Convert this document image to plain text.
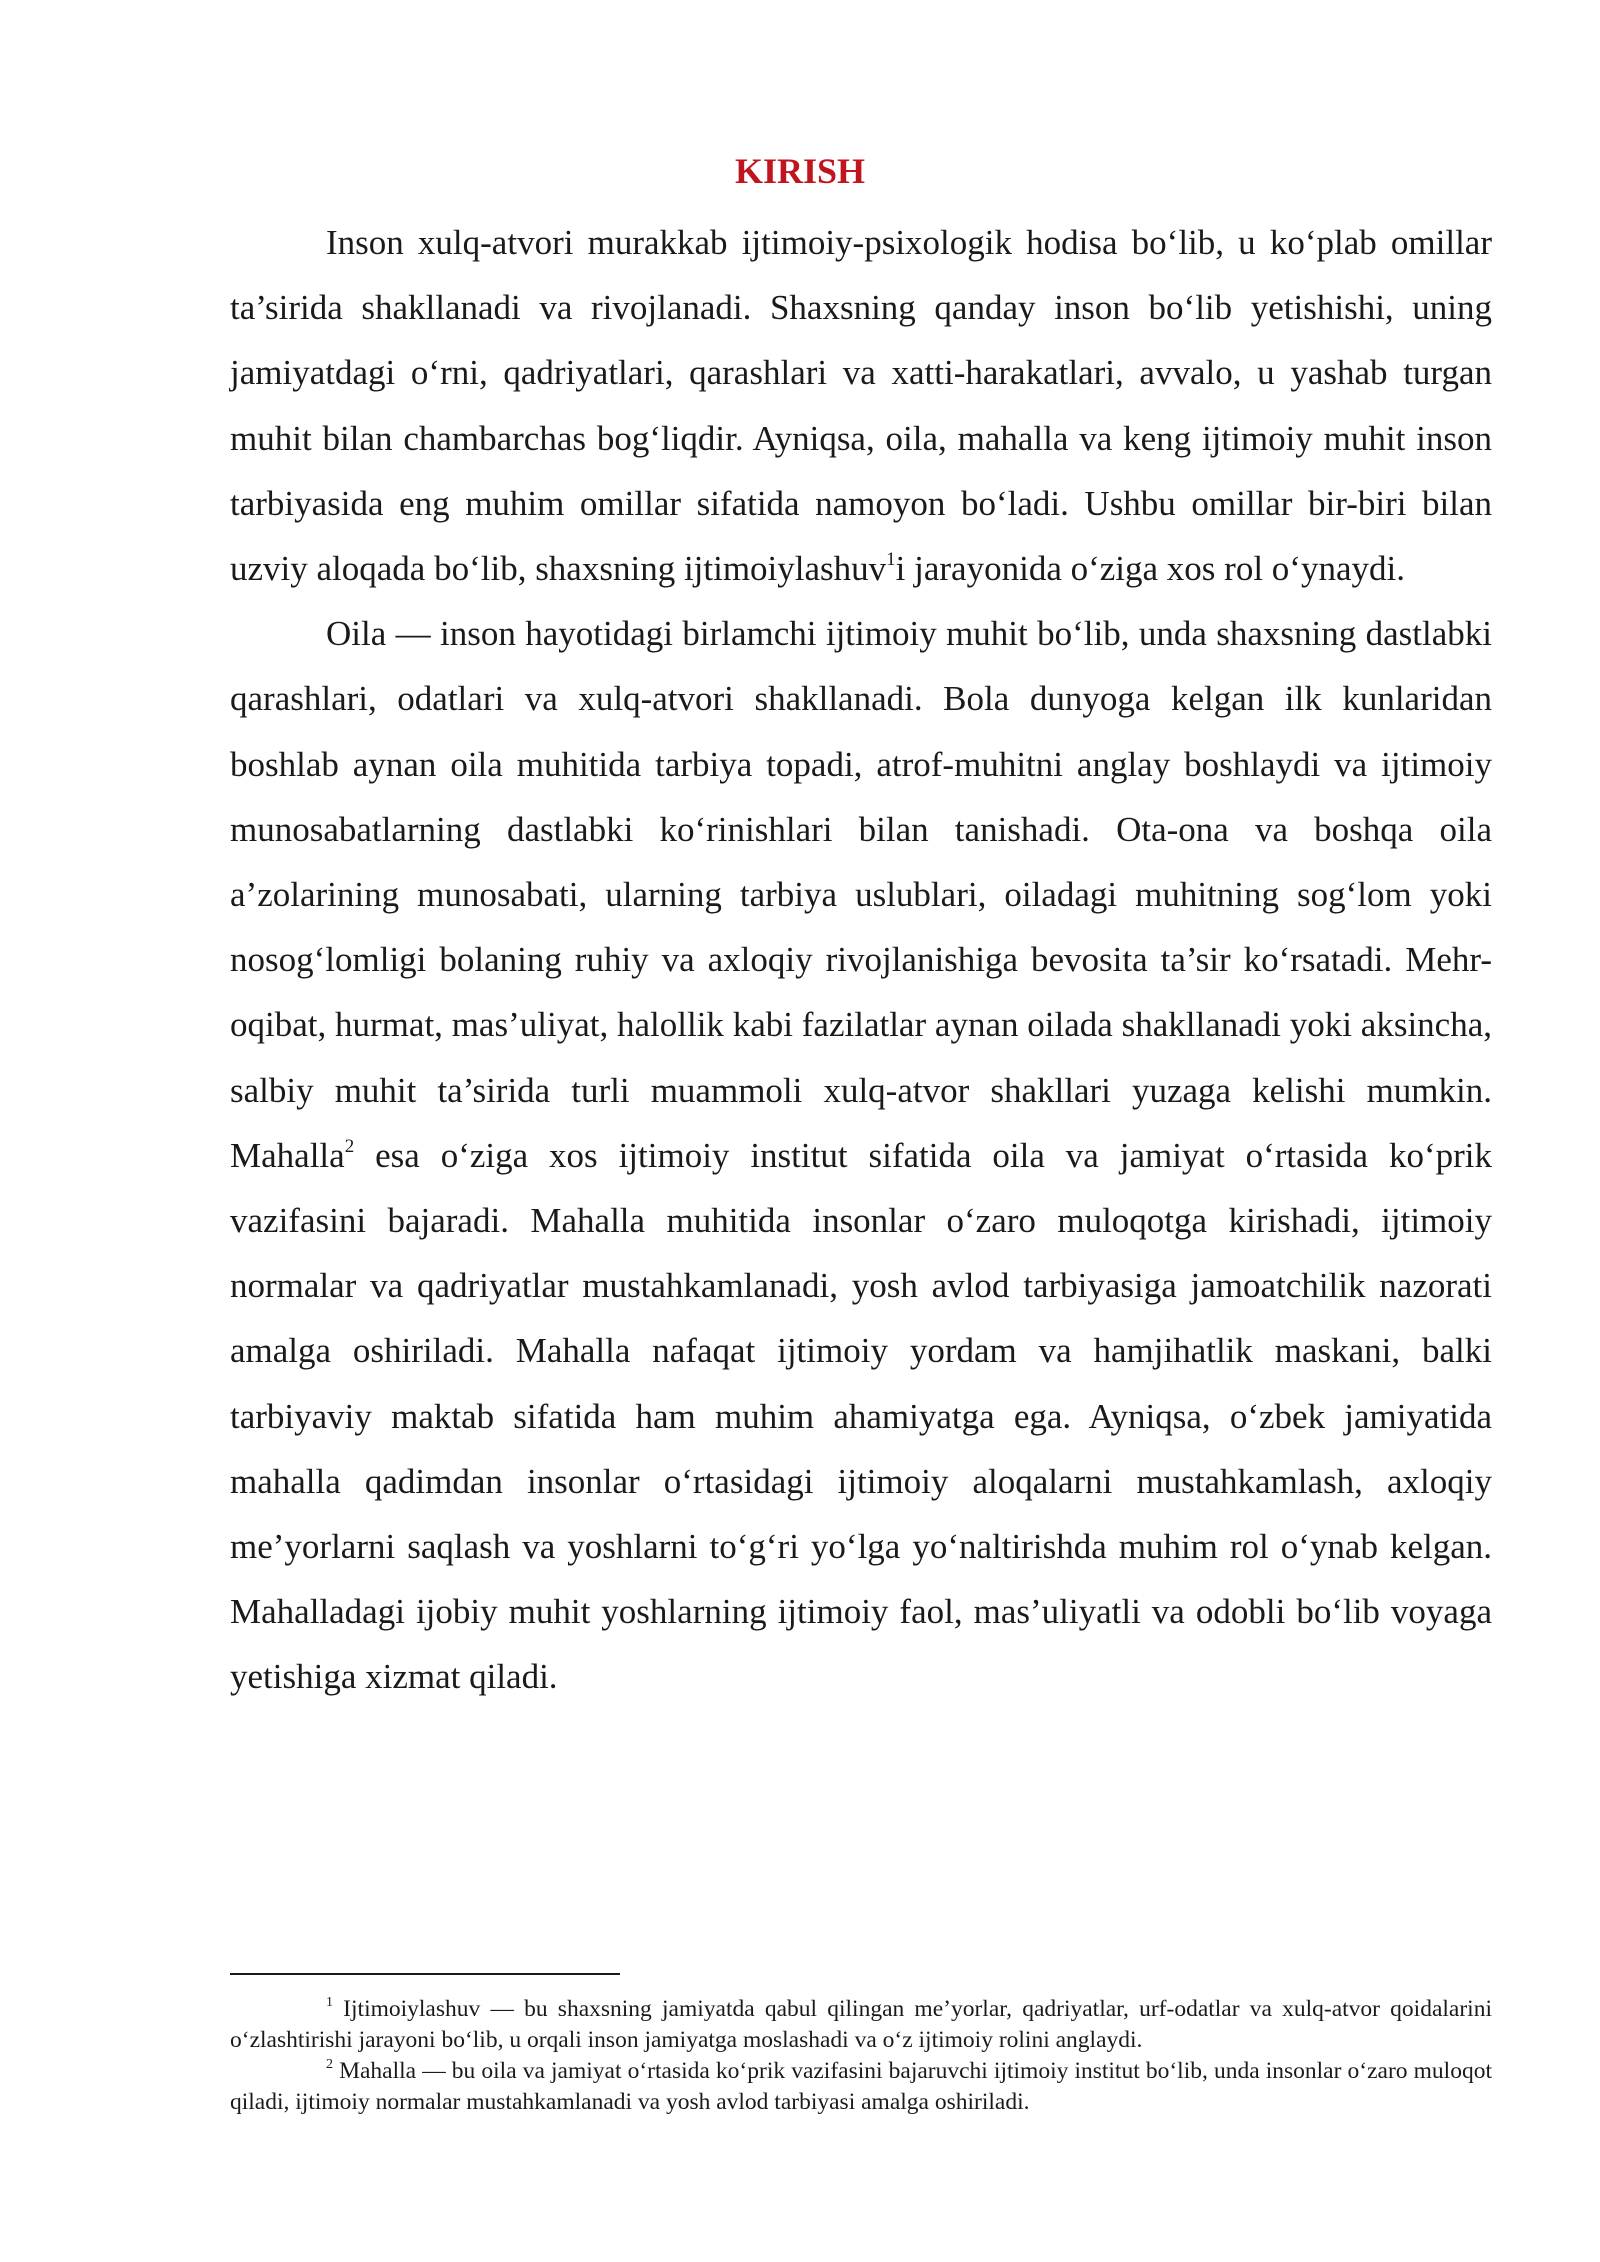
KIRISH

Inson xulq-atvori murakkab ijtimoiy-psixologik hodisa bo‘lib, u ko‘plab omillar ta’sirida shakllanadi va rivojlanadi. Shaxsning qanday inson bo‘lib yetishishi, uning jamiyatdagi o‘rni, qadriyatlari, qarashlari va xatti-harakatlari, avvalo, u yashab turgan muhit bilan chambarchas bog‘liqdir. Ayniqsa, oila, mahalla va keng ijtimoiy muhit inson tarbiyasida eng muhim omillar sifatida namoyon bo‘ladi. Ushbu omillar bir-biri bilan uzviy aloqada bo‘lib, shaxsning ijtimoiylashuv$^1$i jarayonida o‘ziga xos rol o‘ynaydi.

Oila — inson hayotidagi birlamchi ijtimoiy muhit bo‘lib, unda shaxsning dastlabki qarashlari, odatlari va xulq-atvori shakllanadi. Bola dunyoga kelgan ilk kunlaridan boshlab aynan oila muhitida tarbiya topadi, atrof-muhitni anglay boshlaydi va ijtimoiy munosabatlarning dastlabki ko‘rinishlari bilan tanishadi. Ota-ona va boshqa oila a’zolarining munosabati, ularning tarbiya uslublari, oiladagi muhitning sog‘lom yoki nosog‘lomligi bolaning ruhiy va axloqiy rivojlanishiga bevosita ta’sir ko‘rsatadi. Mehr-oqibat, hurmat, mas’uliyat, halollik kabi fazilatlar aynan oilada shakllanadi yoki aksincha, salbiy muhit ta’sirida turli muammoli xulq-atvor shakllari yuzaga kelishi mumkin. Mahalla$^2$ esa o‘ziga xos ijtimoiy institut sifatida oila va jamiyat o‘rtasida ko‘prik vazifasini bajaradi. Mahalla muhitida insonlar o‘zaro muloqotga kirishadi, ijtimoiy normalar va qadriyatlar mustahkamlanadi, yosh avlod tarbiyasiga jamoatchilik nazorati amalga oshiriladi. Mahalla nafaqat ijtimoiy yordam va hamjihatlik maskani, balki tarbiyaviy maktab sifatida ham muhim ahamiyatga ega. Ayniqsa, o‘zbek jamiyatida mahalla qadimdan insonlar o‘rtasidagi ijtimoiy aloqalarni mustahkamlash, axloqiy me’yorlarni saqlash va yoshlarni to‘g‘ri yo‘lga yo‘naltirishda muhim rol o‘ynab kelgan. Mahalladagi ijobiy muhit yoshlarning ijtimoiy faol, mas’uliyatli va odobli bo‘lib voyaga yetishiga xizmat qiladi.

$^1$ Ijtimoiylashuv — bu shaxsning jamiyatda qabul qilingan me’yorlar, qadriyatlar, urf-odatlar va xulq-atvor qoidalarini o‘zlashtirishi jarayoni bo‘lib, u orqali inson jamiyatga moslashadi va o‘z ijtimoiy rolini anglaydi.

$^2$ Mahalla — bu oila va jamiyat o‘rtasida ko‘prik vazifasini bajaruvchi ijtimoiy institut bo‘lib, unda insonlar o‘zaro muloqot qiladi, ijtimoiy normalar mustahkamlanadi va yosh avlod tarbiyasi amalga oshiriladi.
